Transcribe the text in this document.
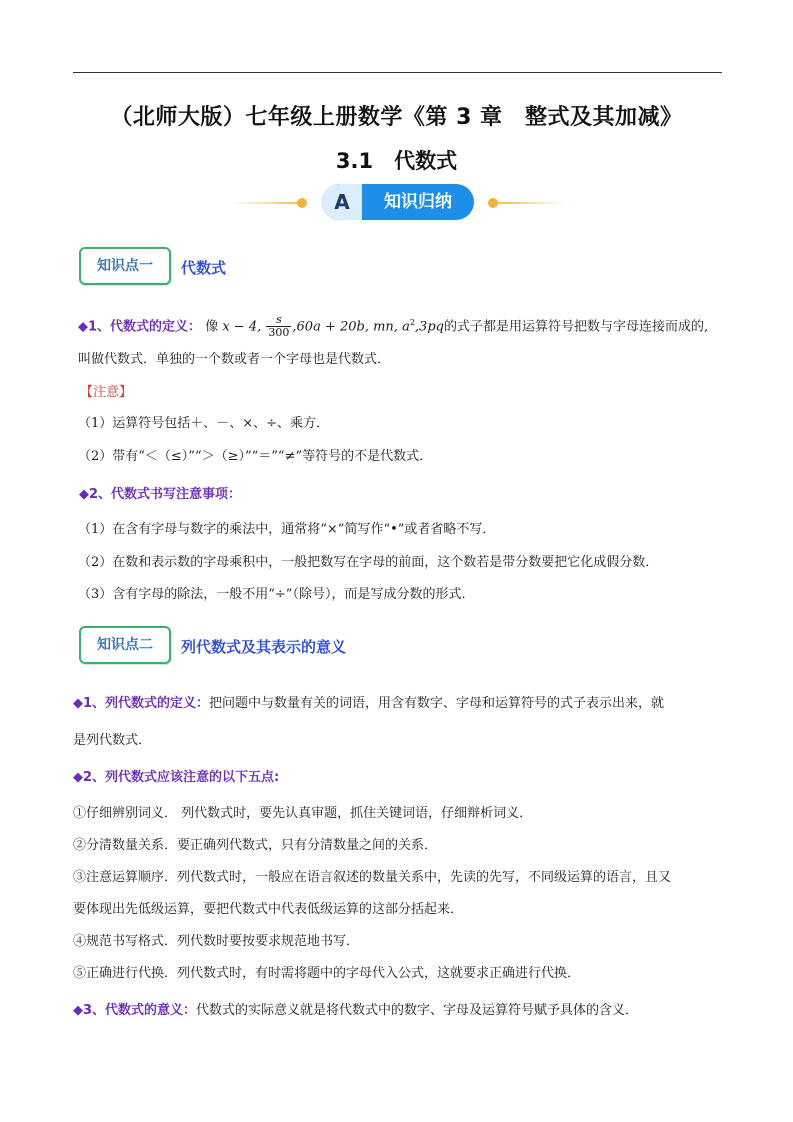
（北师大版）七年级上册数学《第 3 章　整式及其加减》
3.1　代数式
A	知识归纳
知识点一	代数式
◆1、代数式的定义： 像 x − 4, $\frac{s}{300} ,60a + 20b$, mn, $a^2,3pq$的式子都是用运算符号把数与字母连接而成的,
叫做代数式．单独的一个数或者一个字母也是代数式．
【注意】
（1）运算符号包括＋、－、×、÷、乘方．
（2）带有“＜（≤）”“＞（≥）”“＝”“≠”等符号的不是代数式．
◆2、代数式书写注意事项：
（1）在含有字母与数字的乘法中，通常将“×”简写作“•”或者省略不写．
（2）在数和表示数的字母乘积中，一般把数写在字母的前面，这个数若是带分数要把它化成假分数．
（3）含有字母的除法，一般不用“÷”（除号），而是写成分数的形式．
知识点二	列代数式及其表示的意义
◆1、列代数式的定义：把问题中与数量有关的词语，用含有数字、字母和运算符号的式子表示出来，就
是列代数式．
◆2、列代数式应该注意的以下五点:
①仔细辨别词义． 列代数式时，要先认真审题，抓住关键词语，仔细辩析词义．
②分清数量关系．要正确列代数式，只有分清数量之间的关系．
③注意运算顺序．列代数式时，一般应在语言叙述的数量关系中，先读的先写，不同级运算的语言，且又
要体现出先低级运算，要把代数式中代表低级运算的这部分括起来．
④规范书写格式．列代数时要按要求规范地书写．
⑤正确进行代换．列代数式时，有时需将题中的字母代入公式，这就要求正确进行代换．
◆3、代数式的意义：代数式的实际意义就是将代数式中的数字、字母及运算符号赋予具体的含义．
